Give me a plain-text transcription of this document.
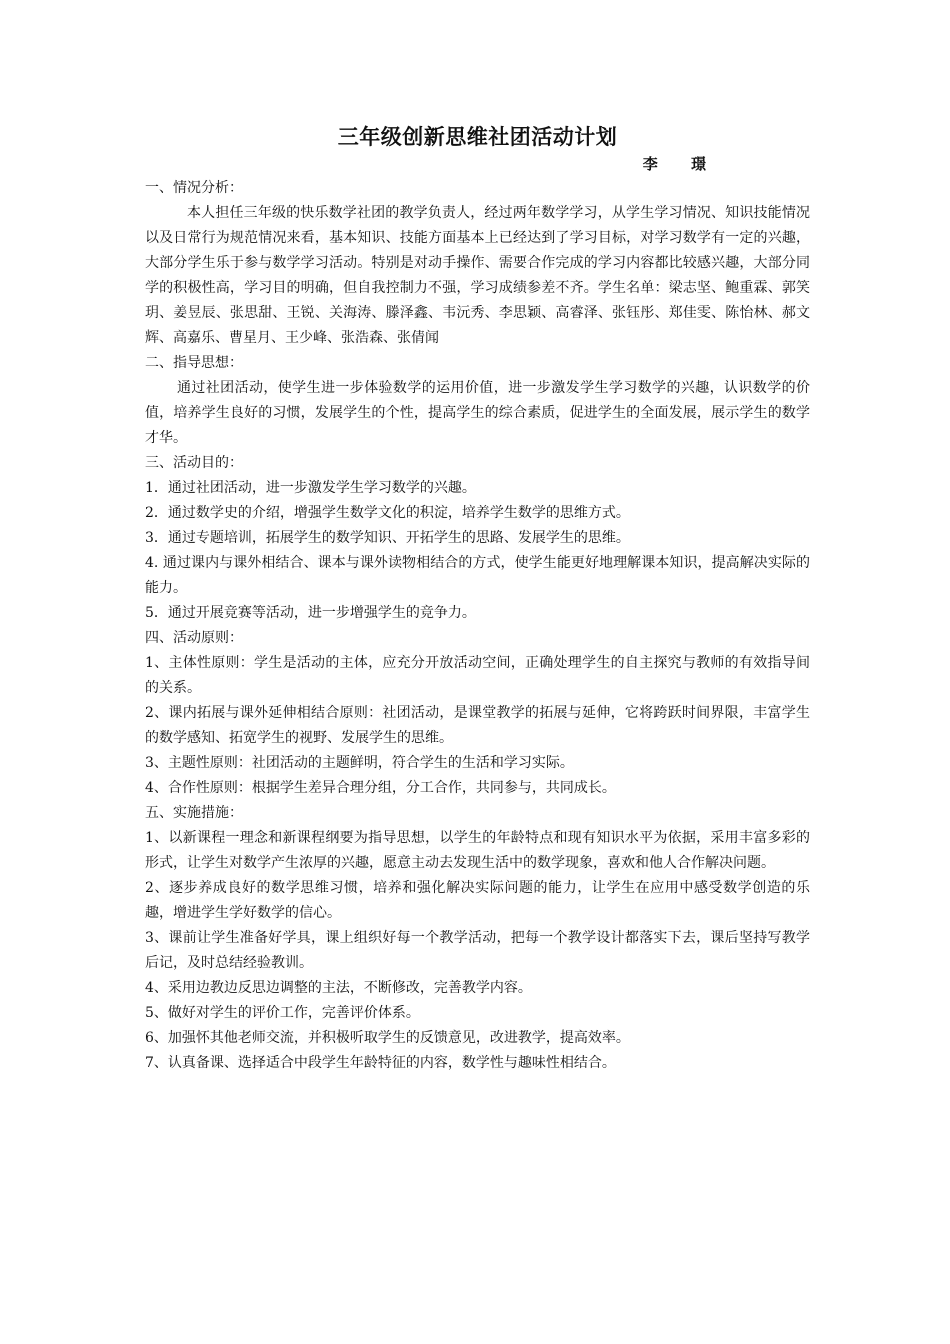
三年级创新思维社团活动计划

李 璟

一、情况分析：

本人担任三年级的快乐数学社团的教学负责人，经过两年数学学习，从学生学习情况、知识技能情况以及日常行为规范情况来看，基本知识、技能方面基本上已经达到了学习目标，对学习数学有一定的兴趣，大部分学生乐于参与数学学习活动。特别是对动手操作、需要合作完成的学习内容都比较感兴趣，大部分同学的积极性高，学习目的明确，但自我控制力不强，学习成绩参差不齐。学生名单：梁志坚、鲍重霖、郭笑玥、姜昱辰、张思甜、王锐、关海涛、滕泽鑫、韦沅秀、李思颖、高睿泽、张钰彤、郑佳雯、陈怡林、郝文辉、高嘉乐、曹星月、王少峰、张浩森、张倩闻

二、指导思想：

通过社团活动，使学生进一步体验数学的运用价值，进一步激发学生学习数学的兴趣，认识数学的价值，培养学生良好的习惯，发展学生的个性，提高学生的综合素质，促进学生的全面发展，展示学生的数学才华。

三、活动目的：

1．通过社团活动，进一步激发学生学习数学的兴趣。

2．通过数学史的介绍，增强学生数学文化的积淀，培养学生数学的思维方式。

3．通过专题培训，拓展学生的数学知识、开拓学生的思路、发展学生的思维。

4. 通过课内与课外相结合、课本与课外读物相结合的方式，使学生能更好地理解课本知识，提高解决实际的能力。

5．通过开展竞赛等活动，进一步增强学生的竞争力。

四、活动原则：

1、主体性原则：学生是活动的主体，应充分开放活动空间，正确处理学生的自主探究与教师的有效指导间的关系。

2、课内拓展与课外延伸相结合原则：社团活动，是课堂教学的拓展与延伸，它将跨跃时间界限，丰富学生的数学感知、拓宽学生的视野、发展学生的思维。

3、主题性原则：社团活动的主题鲜明，符合学生的生活和学习实际。

4、合作性原则：根据学生差异合理分组，分工合作，共同参与，共同成长。

五、实施措施：

1、以新课程一理念和新课程纲要为指导思想，以学生的年龄特点和现有知识水平为依据，采用丰富多彩的形式，让学生对数学产生浓厚的兴趣，愿意主动去发现生活中的数学现象，喜欢和他人合作解决问题。

2、逐步养成良好的数学思维习惯，培养和强化解决实际问题的能力，让学生在应用中感受数学创造的乐趣，增进学生学好数学的信心。

3、课前让学生准备好学具，课上组织好每一个教学活动，把每一个教学设计都落实下去，课后坚持写教学后记，及时总结经验教训。

4、采用边教边反思边调整的主法，不断修改，完善教学内容。

5、做好对学生的评价工作，完善评价体系。

6、加强怀其他老师交流，并积极听取学生的反馈意见，改进教学，提高效率。

7、认真备课、选择适合中段学生年龄特征的内容，数学性与趣味性相结合。
